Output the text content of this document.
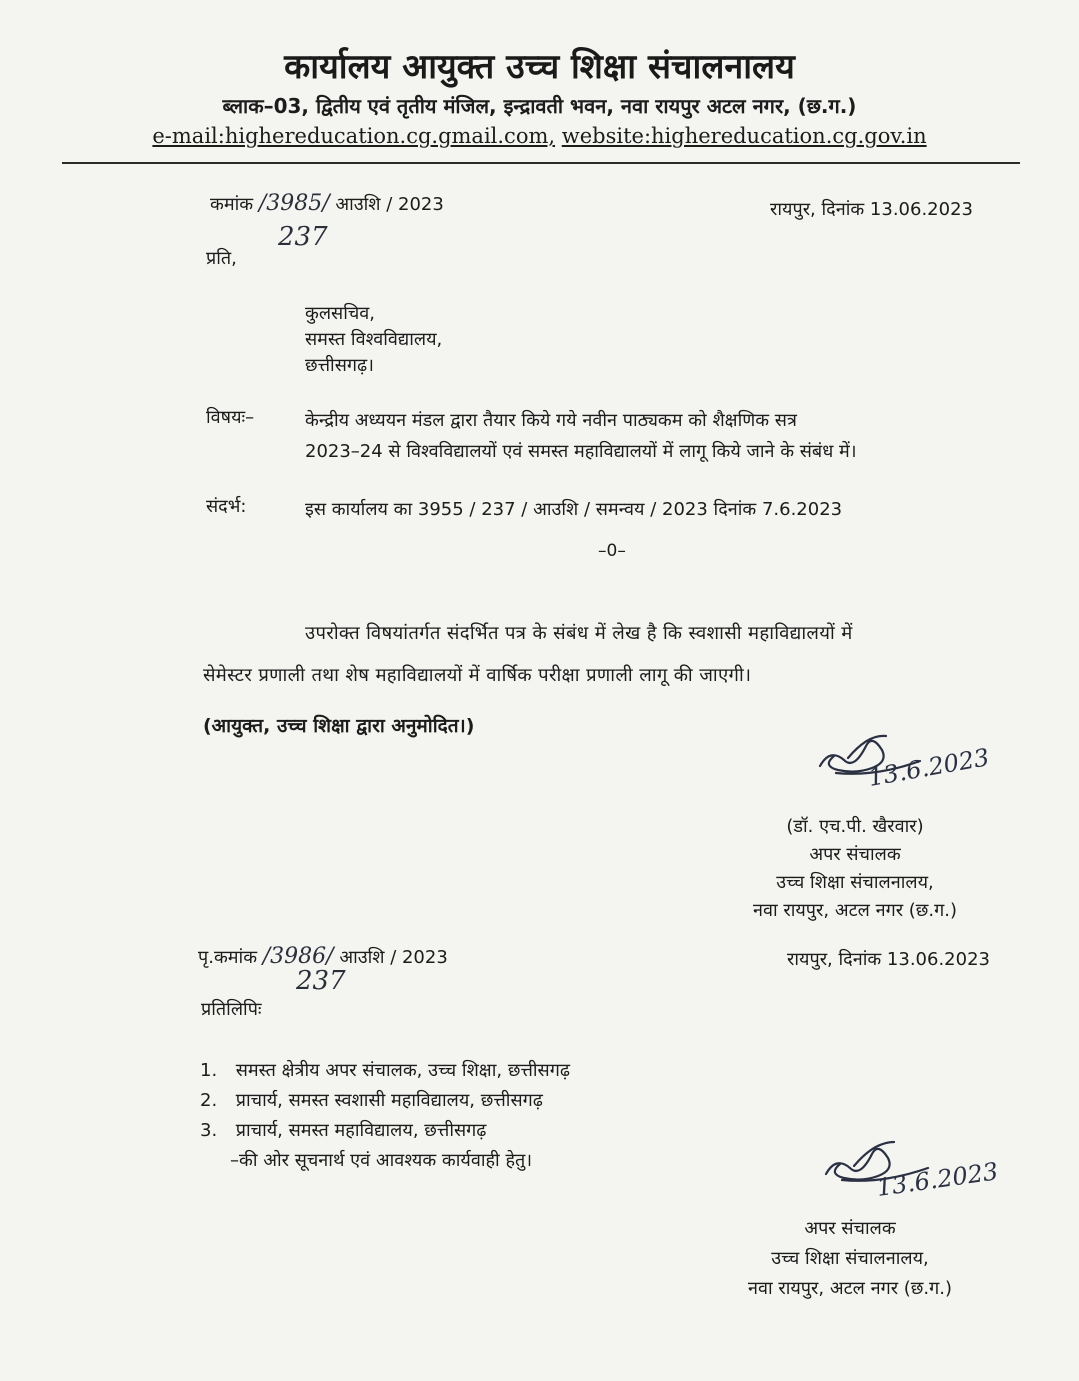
कार्यालय आयुक्त उच्च शिक्षा संचालनालय
ब्लाक–03, द्वितीय एवं तृतीय मंजिल, इन्द्रावती भवन, नवा रायपुर अटल नगर, (छ.ग.)
e-mail:highereducation.cg.gmail.com, website:highereducation.cg.gov.in
कमांक /3985/ आउशि / 2023
237
रायपुर, दिनांक 13.06.2023
प्रति,
कुलसचिव,
समस्त विश्वविद्यालय,
छत्तीसगढ़।
विषयः–	केन्द्रीय अध्ययन मंडल द्वारा तैयार किये गये नवीन पाठ्यकम को शैक्षणिक सत्र
2023–24 से विश्वविद्यालयों एवं समस्त महाविद्यालयों में लागू किये जाने के संबंध में।
संदर्भ:	इस कार्यालय का 3955 / 237 / आउशि / समन्वय / 2023 दिनांक 7.6.2023
–0–
उपरोक्त विषयांतर्गत संदर्भित पत्र के संबंध में लेख है कि स्वशासी महाविद्यालयों में
सेमेस्टर प्रणाली तथा शेष महाविद्यालयों में वार्षिक परीक्षा प्रणाली लागू की जाएगी।
(आयुक्त, उच्च शिक्षा द्वारा अनुमोदित।)
13.6.2023
(डॉ. एच.पी. खैरवार)
अपर संचालक
उच्च शिक्षा संचालनालय,
नवा रायपुर, अटल नगर (छ.ग.)
पृ.कमांक /3986/ आउशि / 2023
237
रायपुर, दिनांक 13.06.2023
प्रतिलिपिः
1. समस्त क्षेत्रीय अपर संचालक, उच्च शिक्षा, छत्तीसगढ़
2. प्राचार्य, समस्त स्वशासी महाविद्यालय, छत्तीसगढ़
3. प्राचार्य, समस्त महाविद्यालय, छत्तीसगढ़
–की ओर सूचनार्थ एवं आवश्यक कार्यवाही हेतु।	13.6.2023
अपर संचालक
उच्च शिक्षा संचालनालय,
नवा रायपुर, अटल नगर (छ.ग.)
